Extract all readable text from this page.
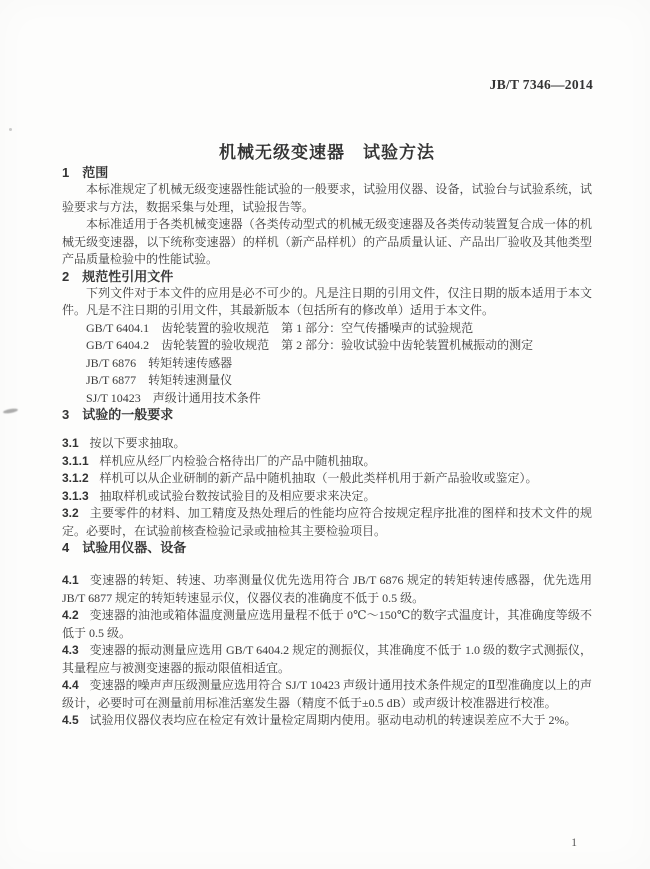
JB/T 7346—2014
机械无级变速器　试验方法
1　范围

本标准规定了机械无级变速器性能试验的一般要求，试验用仪器、设备，试验台与试验系统，试验要求与方法，数据采集与处理，试验报告等。

本标准适用于各类机械变速器（各类传动型式的机械无级变速器及各类传动装置复合成一体的机械无级变速器，以下统称变速器）的样机（新产品样机）的产品质量认证、产品出厂验收及其他类型产品质量检验中的性能试验。

2　规范性引用文件

下列文件对于本文件的应用是必不可少的。凡是注日期的引用文件，仅注日期的版本适用于本文件。凡是不注日期的引用文件，其最新版本（包括所有的修改单）适用于本文件。

GB/T 6404.1　齿轮装置的验收规范　第 1 部分：空气传播噪声的试验规范
GB/T 6404.2　齿轮装置的验收规范　第 2 部分：验收试验中齿轮装置机械振动的测定
JB/T 6876　转矩转速传感器
JB/T 6877　转矩转速测量仪
SJ/T 10423　声级计通用技术条件
3　试验的一般要求

3.1 按以下要求抽取。

3.1.1 样机应从经厂内检验合格待出厂的产品中随机抽取。

3.1.2 样机可以从企业研制的新产品中随机抽取（一般此类样机用于新产品验收或鉴定）。

3.1.3 抽取样机或试验台数按试验目的及相应要求来决定。

3.2 主要零件的材料、加工精度及热处理后的性能均应符合按规定程序批准的图样和技术文件的规定。必要时，在试验前核查检验记录或抽检其主要检验项目。

4　试验用仪器、设备

4.1 变速器的转矩、转速、功率测量仪优先选用符合 JB/T 6876 规定的转矩转速传感器，优先选用 JB/T 6877 规定的转矩转速显示仪，仪器仪表的准确度不低于 0.5 级。

4.2 变速器的油池或箱体温度测量应选用量程不低于 0℃～150℃的数字式温度计，其准确度等级不低于 0.5 级。

4.3 变速器的振动测量应选用 GB/T 6404.2 规定的测振仪，其准确度不低于 1.0 级的数字式测振仪，其量程应与被测变速器的振动限值相适宜。

4.4 变速器的噪声声压级测量应选用符合 SJ/T 10423 声级计通用技术条件规定的Ⅱ型准确度以上的声级计，必要时可在测量前用标准活塞发生器（精度不低于±0.5 dB）或声级计校准器进行校准。

4.5 试验用仪器仪表均应在检定有效计量检定周期内使用。驱动电动机的转速误差应不大于 2%。

1
